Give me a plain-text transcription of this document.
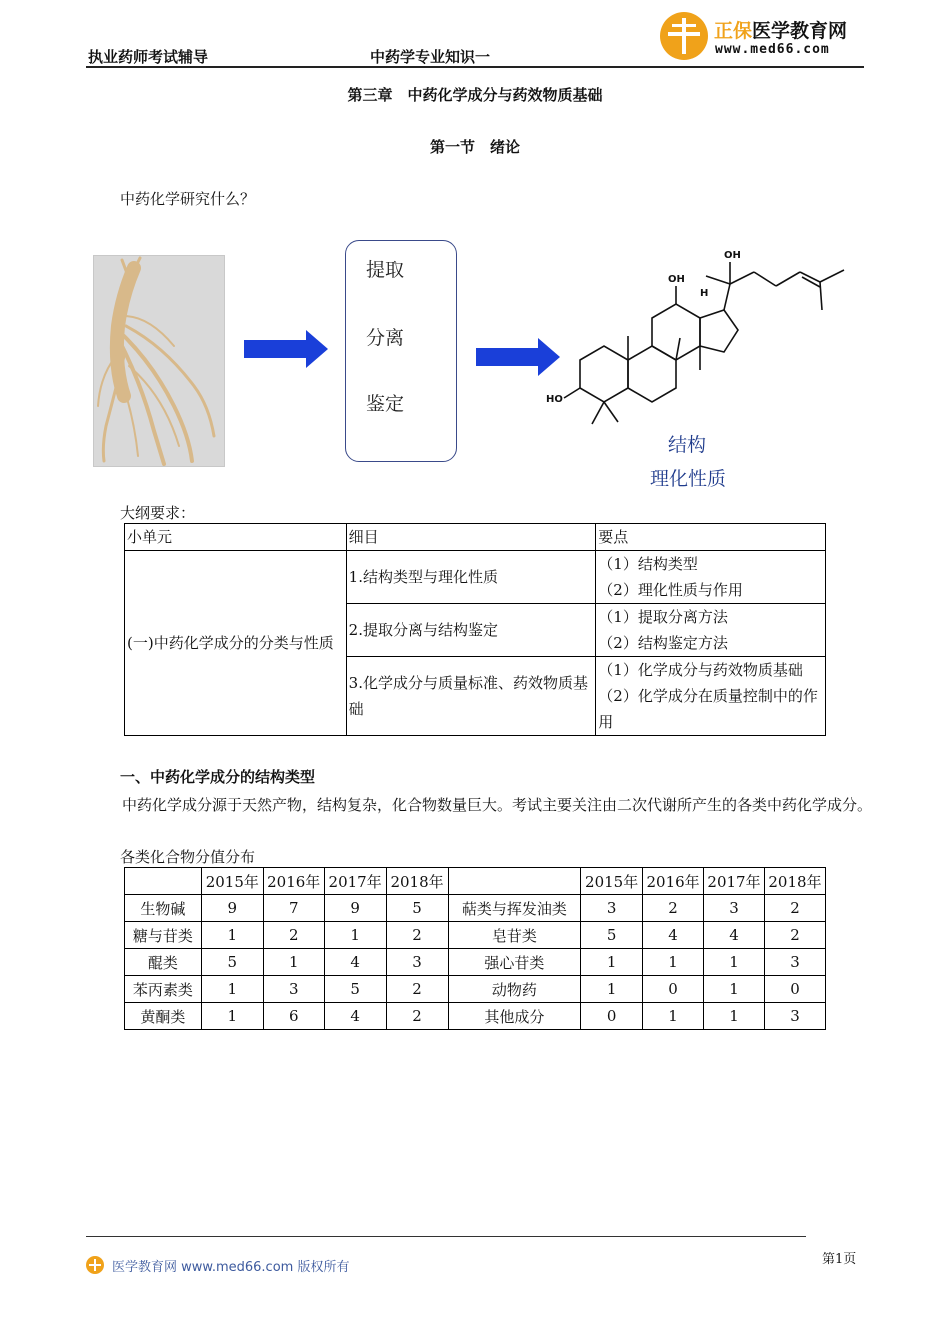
执业药师考试辅导	中药学专业知识一
正保医学教育网
www.med66.com
第三章　中药化学成分与药效物质基础
第一节　绪论
中药化学研究什么？
提取
分离
鉴定
OH
OH
H
HO
结构
理化性质
大纲要求：
小单元	细目	要点
(一)中药化学成分的分类与性质	1.结构类型与理化性质	（1）结构类型
（2）理化性质与作用

	2.提取分离与结构鉴定	（1）提取分离方法
（2）结构鉴定方法

	3.化学成分与质量标准、药效物质基础	（1）化学成分与药效物质基础
（2）化学成分在质量控制中的作用
一、中药化学成分的结构类型
中药化学成分源于天然产物，结构复杂，化合物数量巨大。考试主要关注由二次代谢所产生的各类中药化学成分。
各类化合物分值分布
	2015年	2016年	2017年	2018年		2015年	2016年	2017年	2018年
生物碱	9	7	9	5	萜类与挥发油类	3	2	3	2
糖与苷类	1	2	1	2	皂苷类	5	4	4	2
醌类	5	1	4	3	强心苷类	1	1	1	3
苯丙素类	1	3	5	2	动物药	1	0	1	0
黄酮类	1	6	4	2	其他成分	0	1	1	3
医学教育网 www.med66.com 版权所有
第1页
